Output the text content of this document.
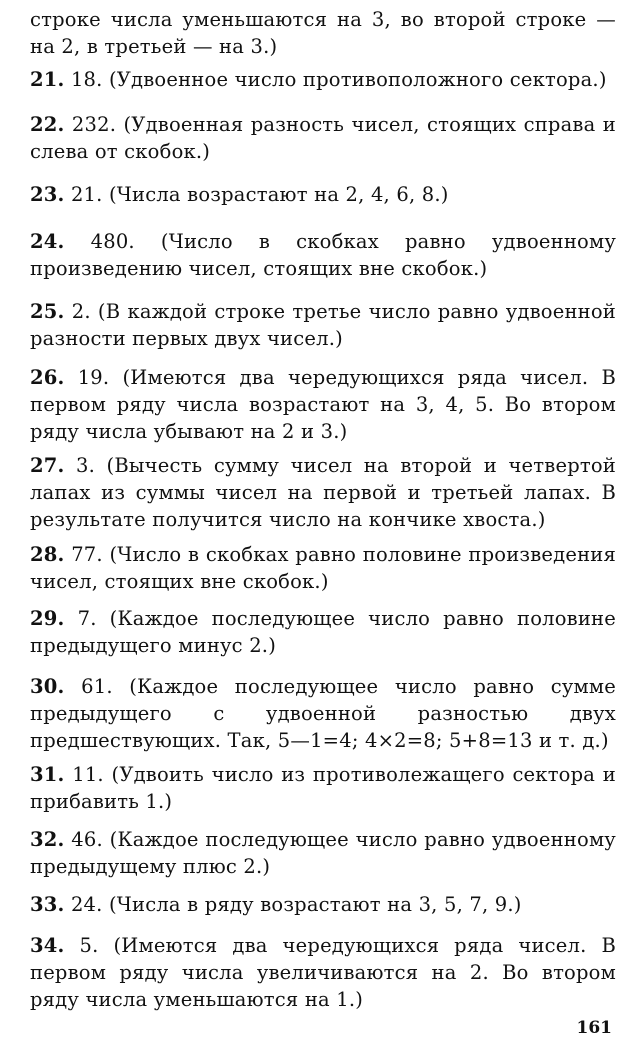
строке числа уменьшаются на 3, во второй строке — на 2, в третьей — на 3.)
21. 18. (Удвоенное число противоположного сектора.)
22. 232. (Удвоенная разность чисел, стоящих справа и слева от скобок.)
23. 21. (Числа возрастают на 2, 4, 6, 8.)
24. 480. (Число в скобках равно удвоенному произведению чисел, стоящих вне скобок.)
25. 2. (В каждой строке третье число равно удвоенной разности первых двух чисел.)
26. 19. (Имеются два чередующихся ряда чисел. В первом ряду числа возрастают на 3, 4, 5. Во втором ряду числа убывают на 2 и 3.)
27. 3. (Вычесть сумму чисел на второй и четвертой лапах из суммы чисел на первой и третьей лапах. В результате получится число на кончике хвоста.)
28. 77. (Число в скобках равно половине произведения чисел, стоящих вне скобок.)
29. 7. (Каждое последующее число равно половине предыдущего минус 2.)
30. 61. (Каждое последующее число равно сумме предыдущего с удвоенной разностью двух предшествующих. Так, 5—1=4; 4×2=8; 5+8=13 и т. д.)
31. 11. (Удвоить число из противолежащего сектора и прибавить 1.)
32. 46. (Каждое последующее число равно удвоенному предыдущему плюс 2.)
33. 24. (Числа в ряду возрастают на 3, 5, 7, 9.)
34. 5. (Имеются два чередующихся ряда чисел. В первом ряду числа увеличиваются на 2. Во втором ряду числа уменьшаются на 1.)
161
